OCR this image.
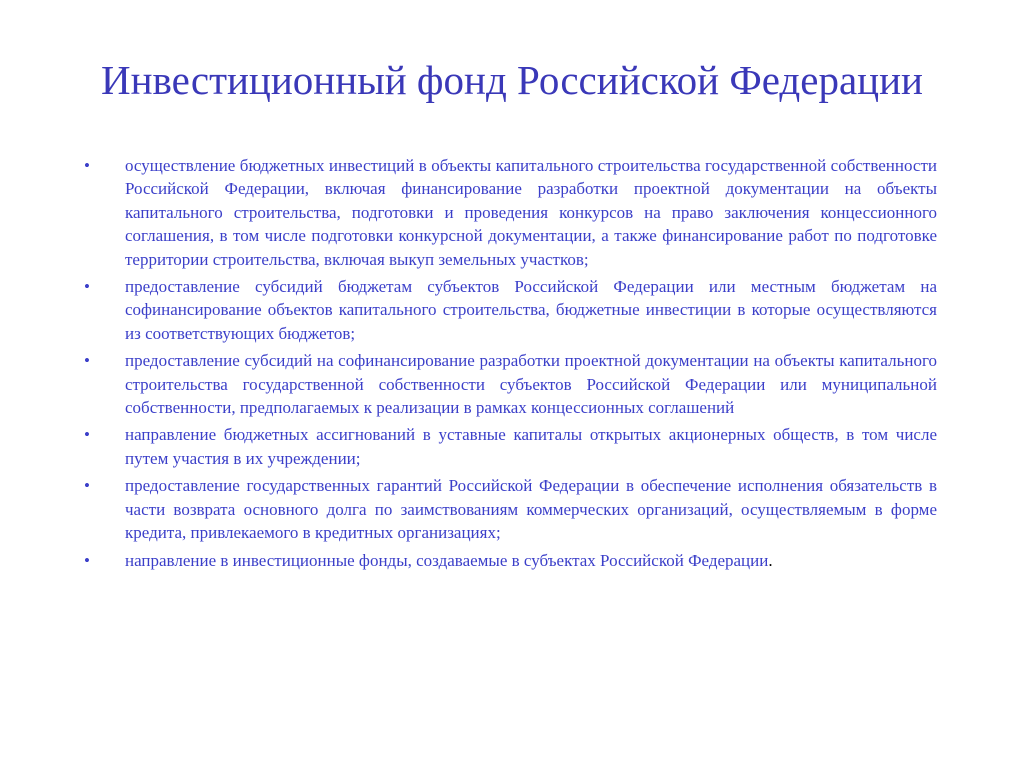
Инвестиционный фонд Российской Федерации
•	осуществление бюджетных инвестиций в объекты капитального строительства государственной собственности Российской Федерации, включая финансирование разработки проектной документации на объекты капитального строительства, подготовки и проведения конкурсов на право заключения концессионного соглашения, в том числе подготовки конкурсной документации, а также финансирование работ по подготовке территории строительства, включая выкуп земельных участков;
•	предоставление субсидий бюджетам субъектов Российской Федерации или местным бюджетам на софинансирование объектов капитального строительства, бюджетные инвестиции в которые осуществляются из соответствующих бюджетов;
•	предоставление субсидий на софинансирование разработки проектной документации на объекты капитального строительства государственной собственности субъектов Российской Федерации или муниципальной собственности, предполагаемых к реализации в рамках концессионных соглашений
•	направление бюджетных ассигнований в уставные капиталы открытых акционерных обществ, в том числе путем участия в их учреждении;
•	предоставление государственных гарантий Российской Федерации в обеспечение исполнения обязательств в части возврата основного долга по заимствованиям коммерческих организаций, осуществляемым в форме кредита, привлекаемого в кредитных организациях;
•	направление в инвестиционные фонды, создаваемые в субъектах Российской Федерации.
